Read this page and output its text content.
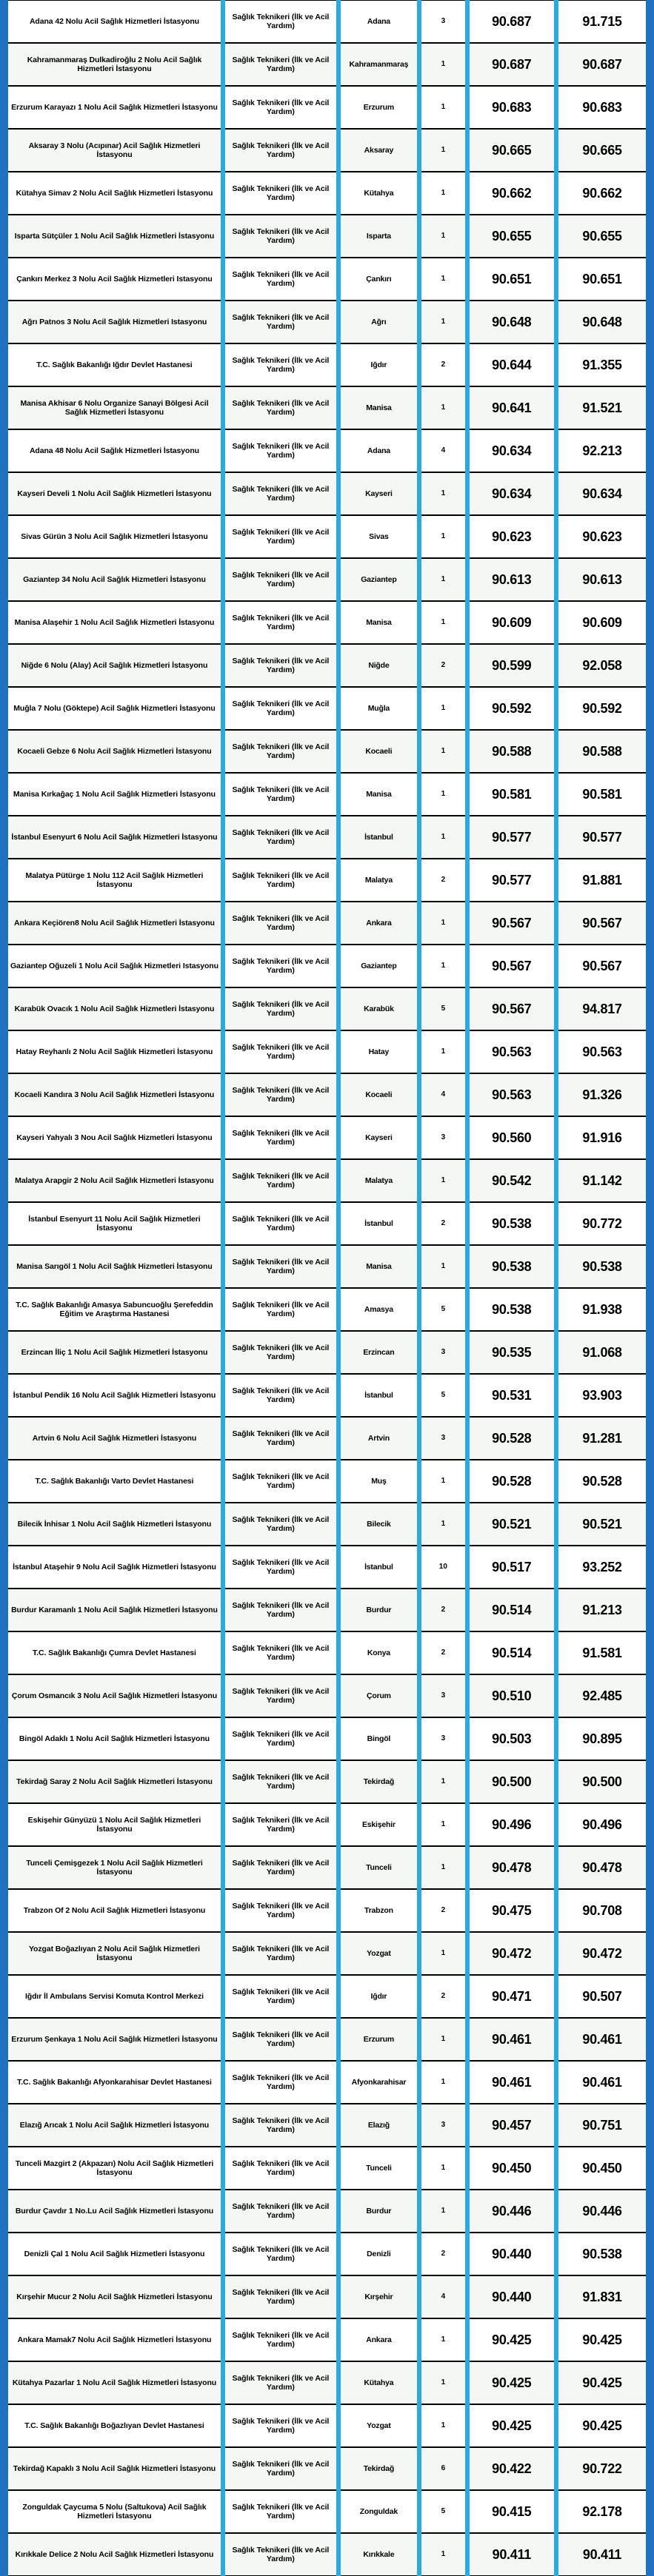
Adana 42 Nolu Acil Sağlık Hizmetleri İstasyonu		Sağlık Teknikeri (İlk ve Acil Yardım)		Adana		3		90.687		91.715	

Kahramanmaraş Dulkadiroğlu 2 Nolu Acil Sağlık Hizmetleri İstasyonu		Sağlık Teknikeri (İlk ve Acil Yardım)		Kahramanmaraş		1		90.687		90.687	

Erzurum Karayazı 1 Nolu Acil Sağlık Hizmetleri İstasyonu		Sağlık Teknikeri (İlk ve Acil Yardım)		Erzurum		1		90.683		90.683	

Aksaray 3 Nolu (Acıpınar) Acil Sağlık Hizmetleri İstasyonu		Sağlık Teknikeri (İlk ve Acil Yardım)		Aksaray		1		90.665		90.665	

Kütahya Simav 2 Nolu Acil Sağlık Hizmetleri İstasyonu		Sağlık Teknikeri (İlk ve Acil Yardım)		Kütahya		1		90.662		90.662	

Isparta Sütçüler 1 Nolu Acil Sağlık Hizmetleri İstasyonu		Sağlık Teknikeri (İlk ve Acil Yardım)		Isparta		1		90.655		90.655	

Çankırı Merkez 3 Nolu Acil Sağlık Hizmetleri Istasyonu		Sağlık Teknikeri (İlk ve Acil Yardım)		Çankırı		1		90.651		90.651	

Ağrı Patnos 3 Nolu Acil Sağlık Hizmetleri Istasyonu		Sağlık Teknikeri (İlk ve Acil Yardım)		Ağrı		1		90.648		90.648	

T.C. Sağlık Bakanlığı Iğdır Devlet Hastanesi		Sağlık Teknikeri (İlk ve Acil Yardım)		Iğdır		2		90.644		91.355	

Manisa Akhisar 6 Nolu Organize Sanayi Bölgesi Acil Sağlık Hizmetleri İstasyonu		Sağlık Teknikeri (İlk ve Acil Yardım)		Manisa		1		90.641		91.521	

Adana 48 Nolu Acil Sağlık Hizmetleri İstasyonu		Sağlık Teknikeri (İlk ve Acil Yardım)		Adana		4		90.634		92.213	

Kayseri Develi 1 Nolu Acil Sağlık Hizmetleri İstasyonu		Sağlık Teknikeri (İlk ve Acil Yardım)		Kayseri		1		90.634		90.634	

Sivas Gürün 3 Nolu Acil Sağlık Hizmetleri İstasyonu		Sağlık Teknikeri (İlk ve Acil Yardım)		Sivas		1		90.623		90.623	

Gaziantep 34 Nolu Acil Sağlık Hizmetleri İstasyonu		Sağlık Teknikeri (İlk ve Acil Yardım)		Gaziantep		1		90.613		90.613	

Manisa Alaşehir 1 Nolu Acil Sağlık Hizmetleri İstasyonu		Sağlık Teknikeri (İlk ve Acil Yardım)		Manisa		1		90.609		90.609	

Niğde 6 Nolu (Alay) Acil Sağlık Hizmetleri İstasyonu		Sağlık Teknikeri (İlk ve Acil Yardım)		Niğde		2		90.599		92.058	

Muğla 7 Nolu (Göktepe) Acil Sağlık Hizmetleri İstasyonu		Sağlık Teknikeri (İlk ve Acil Yardım)		Muğla		1		90.592		90.592	

Kocaeli Gebze 6 Nolu Acil Sağlık Hizmetleri İstasyonu		Sağlık Teknikeri (İlk ve Acil Yardım)		Kocaeli		1		90.588		90.588	

Manisa Kırkağaç 1 Nolu Acil Sağlık Hizmetleri İstasyonu		Sağlık Teknikeri (İlk ve Acil Yardım)		Manisa		1		90.581		90.581	

İstanbul Esenyurt 6 Nolu Acil Sağlık Hizmetleri İstasyonu		Sağlık Teknikeri (İlk ve Acil Yardım)		İstanbul		1		90.577		90.577	

Malatya Pütürge 1 Nolu 112 Acil Sağlık Hizmetleri İstasyonu		Sağlık Teknikeri (İlk ve Acil Yardım)		Malatya		2		90.577		91.881	

Ankara Keçiören8 Nolu Acil Sağlık Hizmetleri İstasyonu		Sağlık Teknikeri (İlk ve Acil Yardım)		Ankara		1		90.567		90.567	

Gaziantep Oğuzeli 1 Nolu Acil Sağlık Hizmetleri Istasyonu		Sağlık Teknikeri (İlk ve Acil Yardım)		Gaziantep		1		90.567		90.567	

Karabük Ovacık 1 Nolu Acil Sağlık Hizmetleri İstasyonu		Sağlık Teknikeri (İlk ve Acil Yardım)		Karabük		5		90.567		94.817	

Hatay Reyhanlı 2 Nolu Acil Sağlık Hizmetleri İstasyonu		Sağlık Teknikeri (İlk ve Acil Yardım)		Hatay		1		90.563		90.563	

Kocaeli Kandıra 3 Nolu Acil Sağlık Hizmetleri İstasyonu		Sağlık Teknikeri (İlk ve Acil Yardım)		Kocaeli		4		90.563		91.326	

Kayseri Yahyalı 3 Nou Acil Sağlık Hizmetleri İstasyonu		Sağlık Teknikeri (İlk ve Acil Yardım)		Kayseri		3		90.560		91.916	

Malatya Arapgir 2 Nolu Acil Sağlık Hizmetleri İstasyonu		Sağlık Teknikeri (İlk ve Acil Yardım)		Malatya		1		90.542		91.142	

İstanbul Esenyurt 11 Nolu Acil Sağlık Hizmetleri İstasyonu		Sağlık Teknikeri (İlk ve Acil Yardım)		İstanbul		2		90.538		90.772	

Manisa Sarıgöl 1 Nolu Acil Sağlık Hizmetleri İstasyonu		Sağlık Teknikeri (İlk ve Acil Yardım)		Manisa		1		90.538		90.538	

T.C. Sağlık Bakanlığı Amasya Sabuncuoğlu Şerefeddin Eğitim ve Araştırma Hastanesi		Sağlık Teknikeri (İlk ve Acil Yardım)		Amasya		5		90.538		91.938	

Erzincan İliç 1 Nolu Acil Sağlık Hizmetleri İstasyonu		Sağlık Teknikeri (İlk ve Acil Yardım)		Erzincan		3		90.535		91.068	

İstanbul Pendik 16 Nolu Acil Sağlık Hizmetleri İstasyonu		Sağlık Teknikeri (İlk ve Acil Yardım)		İstanbul		5		90.531		93.903	

Artvin 6 Nolu Acil Sağlık Hizmetleri İstasyonu		Sağlık Teknikeri (İlk ve Acil Yardım)		Artvin		3		90.528		91.281	

T.C. Sağlık Bakanlığı Varto Devlet Hastanesi		Sağlık Teknikeri (İlk ve Acil Yardım)		Muş		1		90.528		90.528	

Bilecik İnhisar 1 Nolu Acil Sağlık Hizmetleri İstasyonu		Sağlık Teknikeri (İlk ve Acil Yardım)		Bilecik		1		90.521		90.521	

İstanbul Ataşehir 9 Nolu Acil Sağlık Hizmetleri İstasyonu		Sağlık Teknikeri (İlk ve Acil Yardım)		İstanbul		10		90.517		93.252	

Burdur Karamanlı 1 Nolu Acil Sağlık Hizmetleri İstasyonu		Sağlık Teknikeri (İlk ve Acil Yardım)		Burdur		2		90.514		91.213	

T.C. Sağlık Bakanlığı Çumra Devlet Hastanesi		Sağlık Teknikeri (İlk ve Acil Yardım)		Konya		2		90.514		91.581	

Çorum Osmancık 3 Nolu Acil Sağlık Hizmetleri İstasyonu		Sağlık Teknikeri (İlk ve Acil Yardım)		Çorum		3		90.510		92.485	

Bingöl Adaklı 1 Nolu Acil Sağlık Hizmetleri İstasyonu		Sağlık Teknikeri (İlk ve Acil Yardım)		Bingöl		3		90.503		90.895	

Tekirdağ Saray 2 Nolu Acil Sağlık Hizmetleri İstasyonu		Sağlık Teknikeri (İlk ve Acil Yardım)		Tekirdağ		1		90.500		90.500	

Eskişehir Günyüzü 1 Nolu Acil Sağlık Hizmetleri İstasyonu		Sağlık Teknikeri (İlk ve Acil Yardım)		Eskişehir		1		90.496		90.496	

Tunceli Çemişgezek 1 Nolu Acil Sağlık Hizmetleri İstasyonu		Sağlık Teknikeri (İlk ve Acil Yardım)		Tunceli		1		90.478		90.478	

Trabzon Of 2 Nolu Acil Sağlık Hizmetleri İstasyonu		Sağlık Teknikeri (İlk ve Acil Yardım)		Trabzon		2		90.475		90.708	

Yozgat Boğazlıyan 2 Nolu Acil Sağlık Hizmetleri İstasyonu		Sağlık Teknikeri (İlk ve Acil Yardım)		Yozgat		1		90.472		90.472	

Iğdır İl Ambulans Servisi Komuta Kontrol Merkezi		Sağlık Teknikeri (İlk ve Acil Yardım)		Iğdır		2		90.471		90.507	

Erzurum Şenkaya 1 Nolu Acil Sağlık Hizmetleri İstasyonu		Sağlık Teknikeri (İlk ve Acil Yardım)		Erzurum		1		90.461		90.461	

T.C. Sağlık Bakanlığı Afyonkarahisar Devlet Hastanesi		Sağlık Teknikeri (İlk ve Acil Yardım)		Afyonkarahisar		1		90.461		90.461	

Elazığ Arıcak 1 Nolu Acil Sağlık Hizmetleri İstasyonu		Sağlık Teknikeri (İlk ve Acil Yardım)		Elazığ		3		90.457		90.751	

Tunceli Mazgirt 2 (Akpazarı) Nolu Acil Sağlık Hizmetleri İstasyonu		Sağlık Teknikeri (İlk ve Acil Yardım)		Tunceli		1		90.450		90.450	

Burdur Çavdır 1 No.Lu Acil Sağlık Hizmetleri İstasyonu		Sağlık Teknikeri (İlk ve Acil Yardım)		Burdur		1		90.446		90.446	

Denizli Çal 1 Nolu Acil Sağlık Hizmetleri İstasyonu		Sağlık Teknikeri (İlk ve Acil Yardım)		Denizli		2		90.440		90.538	

Kırşehir Mucur 2 Nolu Acil Sağlık Hizmetleri İstasyonu		Sağlık Teknikeri (İlk ve Acil Yardım)		Kırşehir		4		90.440		91.831	

Ankara Mamak7 Nolu Acil Sağlık Hizmetleri İstasyonu		Sağlık Teknikeri (İlk ve Acil Yardım)		Ankara		1		90.425		90.425	

Kütahya Pazarlar 1 Nolu Acil Sağlık Hizmetleri İstasyonu		Sağlık Teknikeri (İlk ve Acil Yardım)		Kütahya		1		90.425		90.425	

T.C. Sağlık Bakanlığı Boğazlıyan Devlet Hastanesi		Sağlık Teknikeri (İlk ve Acil Yardım)		Yozgat		1		90.425		90.425	

Tekirdağ Kapaklı 3 Nolu Acil Sağlık Hizmetleri İstasyonu		Sağlık Teknikeri (İlk ve Acil Yardım)		Tekirdağ		6		90.422		90.722	

Zonguldak Çaycuma 5 Nolu (Saltukova) Acil Sağlık Hizmetleri İstasyonu		Sağlık Teknikeri (İlk ve Acil Yardım)		Zonguldak		5		90.415		92.178	

Kırıkkale Delice 2 Nolu Acil Sağlık Hizmetleri İstasyonu		Sağlık Teknikeri (İlk ve Acil Yardım)		Kırıkkale		1		90.411		90.411	
